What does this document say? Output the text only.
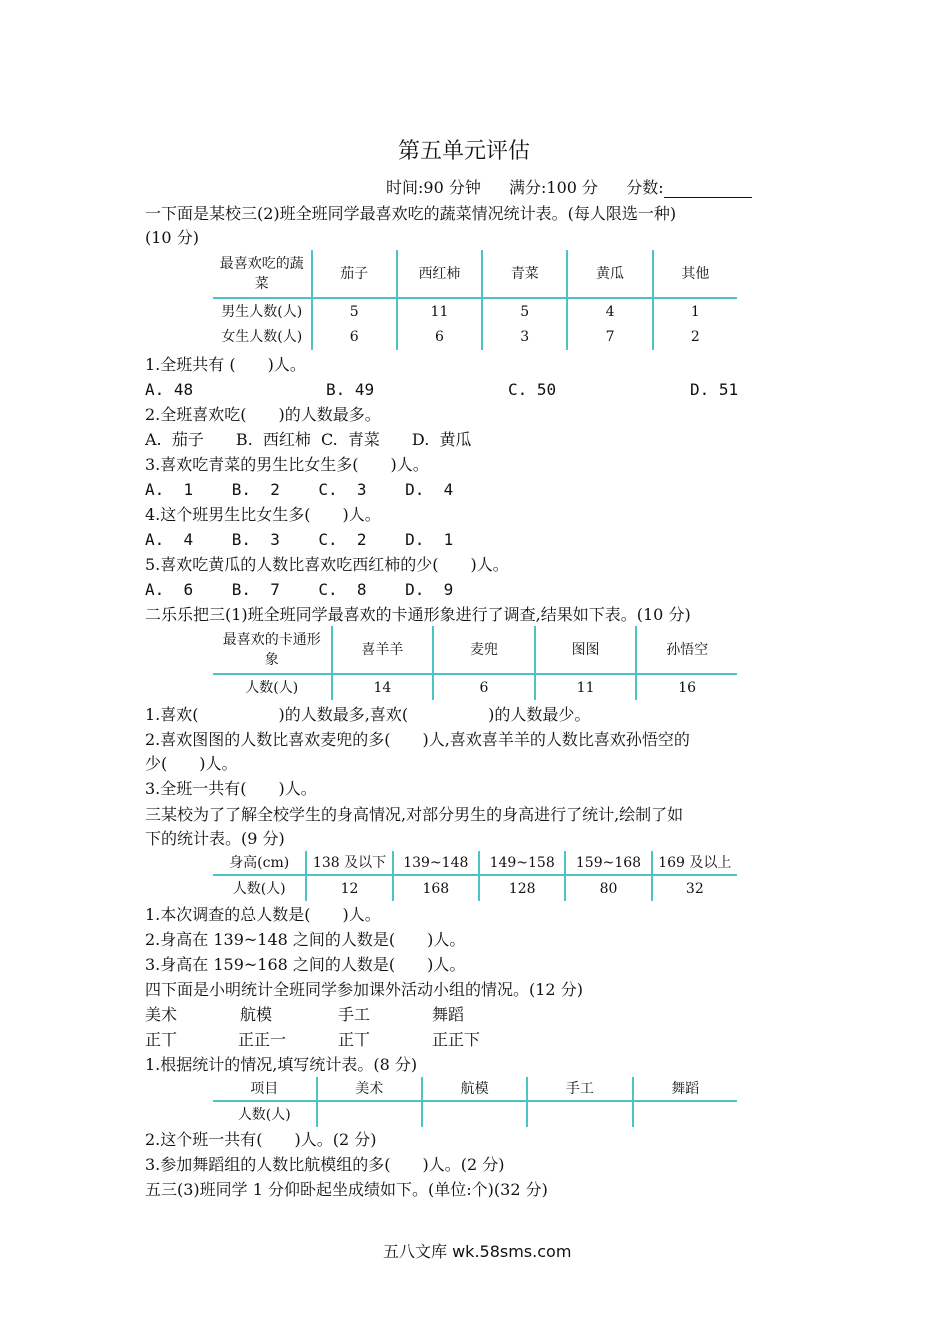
第五单元评估
时间:90 分钟 满分:100 分 分数:
一下面是某校三(2)班全班同学最喜欢吃的蔬菜情况统计表。(每人限选一种)
(10 分)
最喜欢吃的蔬
菜	茄子	西红柿	青菜	黄瓜	其他
男生人数(人)	5	11	5	4	1
女生人数(人)	6	6	3	7	2
1.全班共有 (　　)人。
A. 48	B. 49	C. 50	D. 51
2.全班喜欢吃(　　)的人数最多。
A.  茄子　　B.  西红柿  C.  青菜　　D.  黄瓜
3.喜欢吃青菜的男生比女生多(　　)人。
A.  1    B.  2    C.  3    D.  4
4.这个班男生比女生多(　　)人。
A.  4    B.  3    C.  2    D.  1
5.喜欢吃黄瓜的人数比喜欢吃西红柿的少(　　)人。
A.  6    B.  7    C.  8    D.  9
二乐乐把三(1)班全班同学最喜欢的卡通形象进行了调查,结果如下表。(10 分)
最喜欢的卡通形
象	喜羊羊	麦兜	图图	孙悟空
人数(人)	14	6	11	16
1.喜欢(　　　　　)的人数最多,喜欢(　　　　　)的人数最少。
2.喜欢图图的人数比喜欢麦兜的多(　　)人,喜欢喜羊羊的人数比喜欢孙悟空的
少(　　)人。
3.全班一共有(　　)人。
三某校为了了解全校学生的身高情况,对部分男生的身高进行了统计,绘制了如
下的统计表。(9 分)
身高(cm)	138 及以下	139~148	149~158	159~168	169 及以上
人数(人)	12	168	128	80	32
1.本次调查的总人数是(　　)人。
2.身高在 139~148 之间的人数是(　　)人。
3.身高在 159~168 之间的人数是(　　)人。
四下面是小明统计全班同学参加课外活动小组的情况。(12 分)
美术	航模	手工	舞蹈
正丅	正正⼀	正丅	正正下
1.根据统计的情况,填写统计表。(8 分)
项目	美术	航模	手工	舞蹈
人数(人)				
2.这个班一共有(　　)人。(2 分)
3.参加舞蹈组的人数比航模组的多(　　)人。(2 分)
五三(3)班同学 1 分仰卧起坐成绩如下。(单位:个)(32 分)
五八文库 wk.58sms.com
